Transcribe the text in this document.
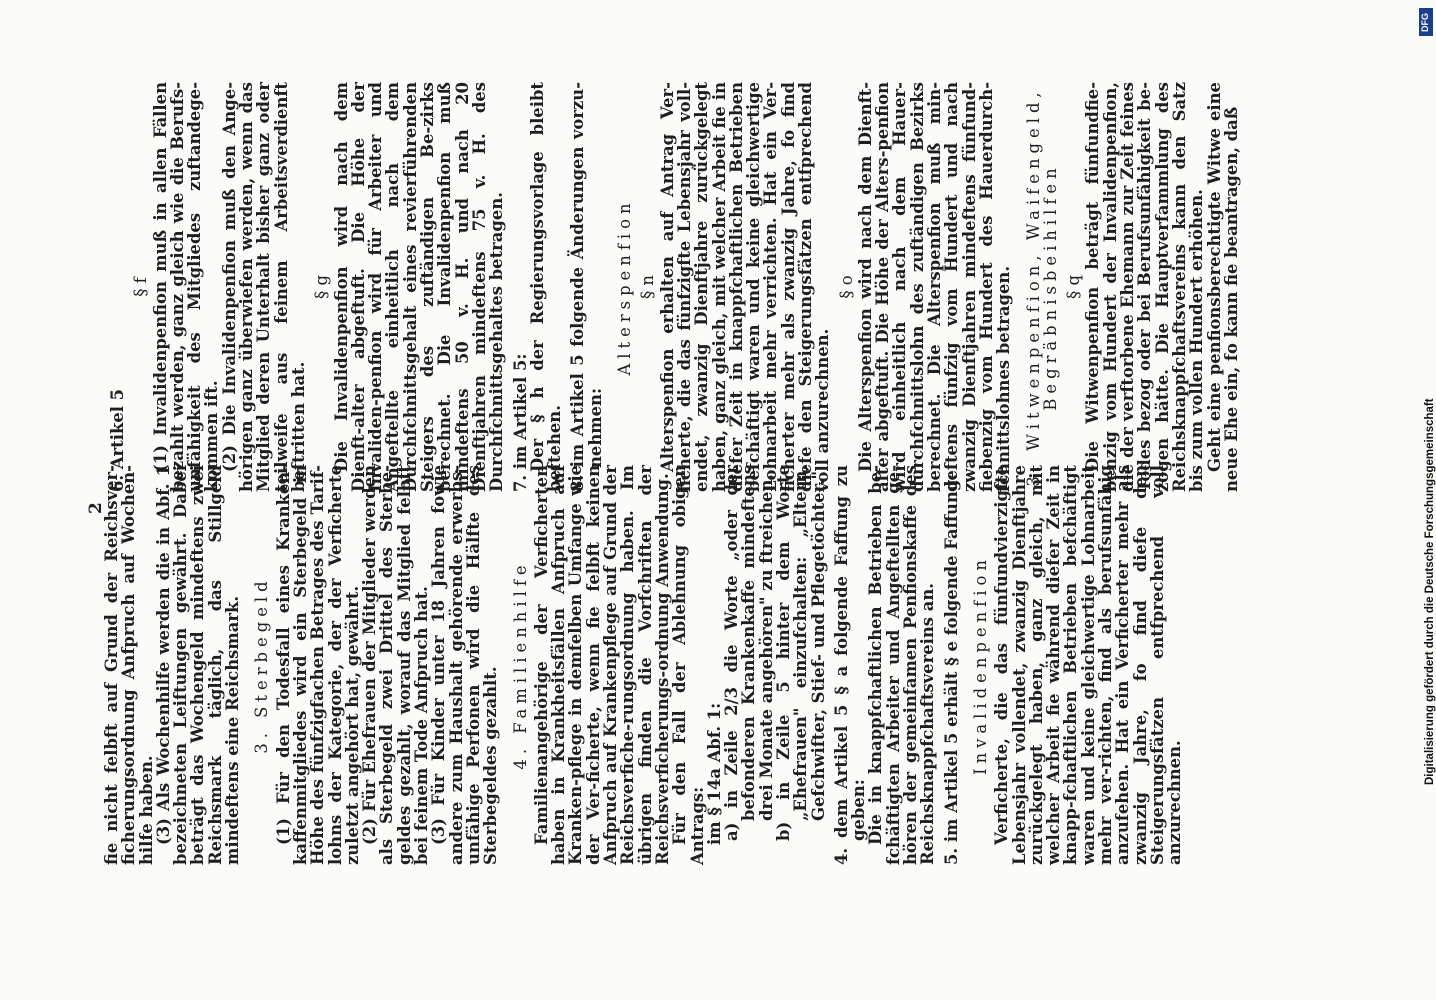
2

fie nicht felbft auf Grund der Reichsver-ficherungsordnung Anfpruch auf Wochen-hilfe haben.

(3) Als Wochenhilfe werden die in Abf. 1 bezeichneten Leiftungen gewährt. Dabei beträgt das Wochengeld mindeftens zwei Reichsmark täglich, das Stillgeld mindeftens eine Reichsmark. 3. Sterbegeld (1) Für den Todesfall eines Kranken-kaffenmitgliedes wird ein Sterbegeld in Höhe des fünfzigfachen Betrages des Tarif-lohns der Kategorie, der der Verficherte zuletzt angehört hat, gewährt.

(2) Für Ehefrauen der Mitglieder werden als Sterbegeld zwei Drittel des Sterbe-geldes gezahlt, worauf das Mitglied felbft bei feinem Tode Anfpruch hat.

(3) Für Kinder unter 18 Jahren fowie andere zum Haushalt gehörende erwerbs-unfähige Perfonen wird die Hälfte des Sterbegeldes gezahlt. 4. Familienhilfe Familienangehörige der Verficherten haben in Krankheitsfällen Anfpruch auf Kranken-pflege in demfelben Umfange wie der Ver-ficherte, wenn fie felbft keinen Anfpruch auf Krankenpflege auf Grund der Reichsverfiche-rungsordnung haben. Im übrigen finden die Vorfchriften der Reichsverficherungs-ordnung Anwendung.

Für den Fall der Ablehnung obigen Antrags:

im § 14a Abf. 1:

a) in Zeile 2/3 die Worte „oder der befonderen Krankenkaffe mindeftens drei Monate angehören" zu ftreichen,

b) in Zeile 5 hinter dem Worte „Ehefrauen" einzufchalten: „Eltern, Gefchwifter, Stief- und Pflegetöchter." 4. dem Artikel 5 § a folgende Faffung zu geben:

Die in knappfchaftlichen Betrieben be-fchäftigten Arbeiter und Angeftellten ge-hören der gemeinfamen Penfionskaffe des Reichsknappfchaftsvereins an. 5. im Artikel 5 erhält § e folgende Faffung: Invalidenpenfion Verficherte, die das fünfundvierzigfte Lebensjahr vollendet, zwanzig Dienftjahre zurückgelegt haben, ganz gleich, mit welcher Arbeit fie während diefer Zeit in knapp-fchaftlichen Betrieben befchäftigt waren und keine gleichwertige Lohnarbeit mehr ver-richten, find als berufsunfähig anzufehen. Hat ein Verficherter mehr als zwanzig Jahre, fo find diefe den Steigerungsfätzen entfprechend voll anzurechnen.

6. Artikel 5

§ f (1) Invalidenpenfion muß in allen Fällen bezahlt werden, ganz gleich wie die Berufs-unfähigkeit des Mitgliedes zuftandege-kommen ift.

(2) Die Invalidenpenfion muß den Ange-hörigen ganz überwiefen werden, wenn das Mitglied deren Unterhalt bisher ganz oder teilweife aus feinem Arbeitsverdienft beftritten hat.

§ g Die Invalidenpenfion wird nach dem Dienft-alter abgeftuft. Die Höhe der Invaliden-penfion wird für Arbeiter und Angeftellte einheitlich nach dem Durchfchnittsgehalt eines revierführenden Steigers des zuftändigen Be-zirks berechnet. Die Invalidenpenfion muß mindeftens 50 v. H. und nach 20 Dienftjahren mindeftens 75 v. H. des Durchfchnittsgehaltes betragen. 7. im Artikel 5:

Der § h der Regierungsvorlage bleibt beftehen. 8. im Artikel 5 folgende Änderungen vorzu-nehmen:

Alterspenfion § n Alterspenfion erhalten auf Antrag Ver-ficherte, die das fünfzigfte Lebensjahr voll-endet, zwanzig Dienftjahre zurückgelegt haben, ganz gleich, mit welcher Arbeit fie in diefer Zeit in knappfchaftlichen Betrieben befchäftigt waren und keine gleichwertige Lohnarbeit mehr verrichten. Hat ein Ver-ficherter mehr als zwanzig Jahre, fo find diefe den Steigerungsfätzen entfprechend voll anzurechnen.

§ o Die Alterspenfion wird nach dem Dienft-alter abgeftuft. Die Höhe der Alters-penfion wird einheitlich nach dem Hauer-durchfchnittslohn des zuftändigen Bezirks berechnet. Die Alterspenfion muß min-deftens fünfzig vom Hundert und nach zwanzig Dienftjahren mindeftens fünfund-fiebenzig vom Hundert des Hauerdurch-fchnittslohnes betragen. 3. Witwenpenfion, Waifengeld, Begräbnisbeihilfen § q Die Witwenpenfion beträgt fünfundfie-benzig vom Hundert der Invalidenpenfion, die der verftorbene Ehemann zur Zeit feines Todes bezog oder bei Berufsunfähigkeit be-zogen hätte. Die Hauptverfammlung des Reichsknappfchaftsvereins kann den Satz bis zum vollen Hundert erhöhen.

Geht eine penfionsberechtigte Witwe eine neue Ehe ein, fo kann fie beantragen, daß

DFG
Digitalisierung gefördert durch die Deutsche Forschungsgemeinschaft
